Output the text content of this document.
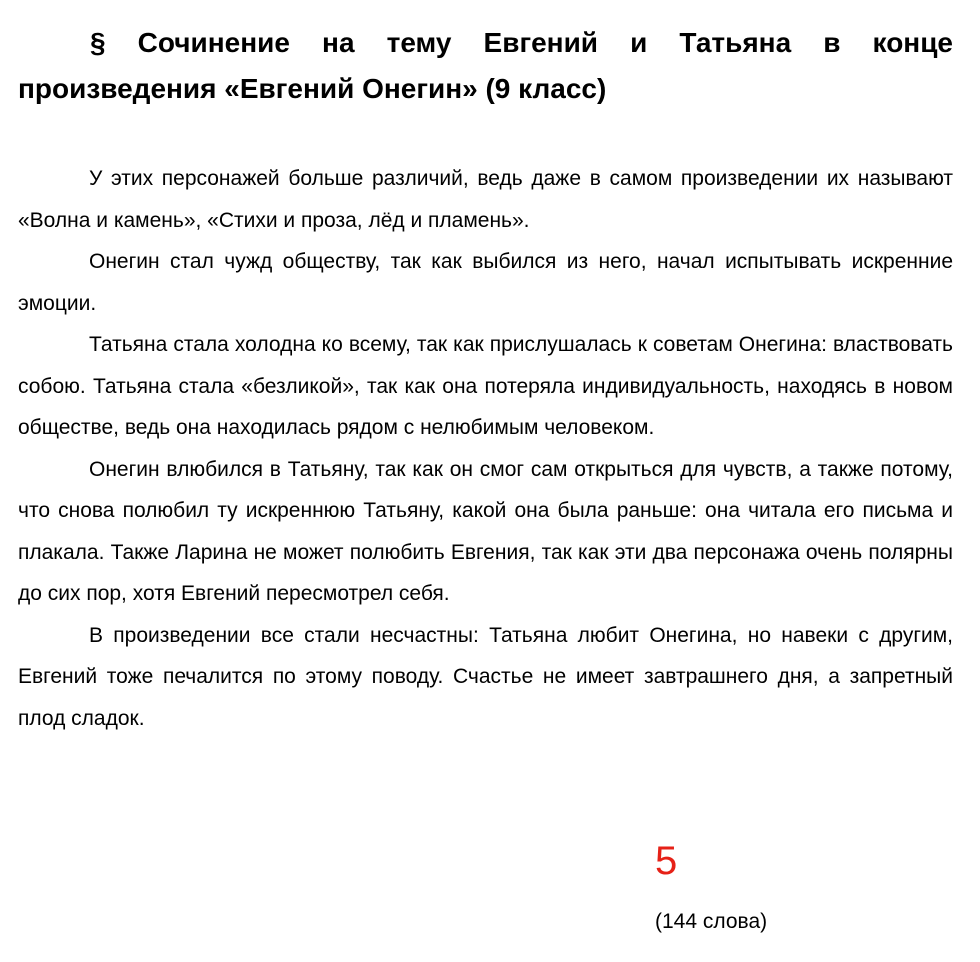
§ Сочинение на тему Евгений и Татьяна в конце произведения «Евгений Онегин» (9 класс)

У этих персонажей больше различий, ведь даже в самом произведении их называют «Волна и камень», «Стихи и проза, лёд и пламень».

Онегин стал чужд обществу, так как выбился из него, начал испытывать искренние эмоции.

Татьяна стала холодна ко всему, так как прислушалась к советам Онегина: властвовать собою. Татьяна стала «безликой», так как она потеряла индивидуальность, находясь в новом обществе, ведь она находилась рядом с нелюбимым человеком.

Онегин влюбился в Татьяну, так как он смог сам открыться для чувств, а также потому, что снова полюбил ту искреннюю Татьяну, какой она была раньше: она читала его письма и плакала. Также Ларина не может полюбить Евгения, так как эти два персонажа очень полярны до сих пор, хотя Евгений пересмотрел себя.

В произведении все стали несчастны: Татьяна любит Онегина, но навеки с другим, Евгений тоже печалится по этому поводу. Счастье не имеет завтрашнего дня, а запретный плод сладок.

5
(144 слова)
